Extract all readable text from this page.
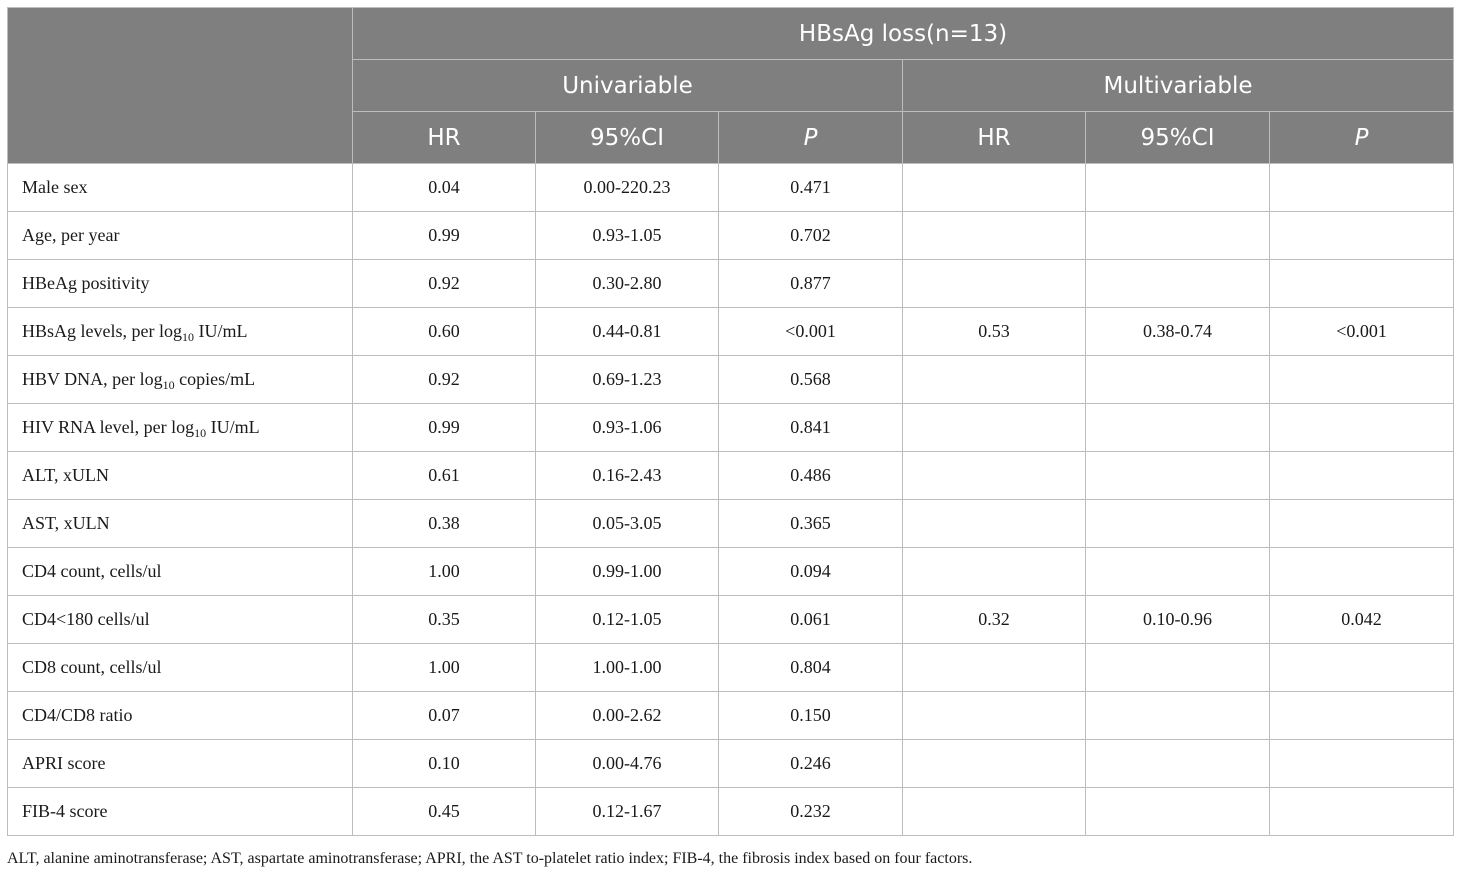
	HBsAg loss(n=13)					
	Univariable			Multivariable		
	HR	95%CI	P	HR	95%CI	P
Male sex	0.04	0.00-220.23	0.471			
Age, per year	0.99	0.93-1.05	0.702			
HBeAg positivity	0.92	0.30-2.80	0.877			
HBsAg levels, per $\log_{10} IU/mL$	0.60	0.44-0.81	<0.001	0.53	0.38-0.74	<0.001
HBV DNA, per $\log_{10}$ copies/mL	0.92	0.69-1.23	0.568			
HIV RNA level, per $\log_{10} IU/mL$	0.99	0.93-1.06	0.841			
ALT, xULN	0.61	0.16-2.43	0.486			
AST, xULN	0.38	0.05-3.05	0.365			
CD4 count, cells/ul	1.00	0.99-1.00	0.094			
CD4<180 cells/ul	0.35	0.12-1.05	0.061	0.32	0.10-0.96	0.042
CD8 count, cells/ul	1.00	1.00-1.00	0.804			
CD4/CD8 ratio	0.07	0.00-2.62	0.150			
APRI score	0.10	0.00-4.76	0.246			
FIB-4 score	0.45	0.12-1.67	0.232			
ALT, alanine aminotransferase; AST, aspartate aminotransferase; APRI, the AST to-platelet ratio index; FIB-4, the fibrosis index based on four factors.
